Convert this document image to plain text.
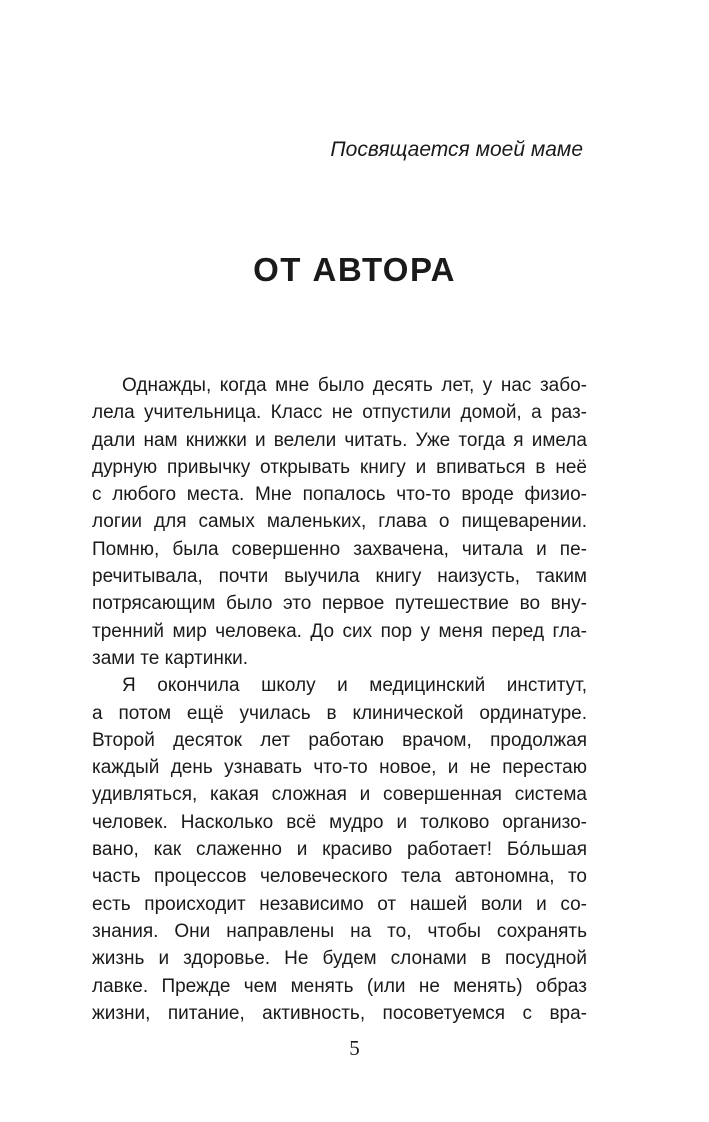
Посвящается моей маме
ОТ АВТОРА
Однажды, когда мне было десять лет, у нас забо-
лела учительница. Класс не отпустили домой, а раз-
дали нам книжки и велели читать. Уже тогда я имела
дурную привычку открывать книгу и впиваться в неё
с любого места. Мне попалось что-то вроде физио-
логии для самых маленьких, глава о пищеварении.
Помню, была совершенно захвачена, читала и пе-
речитывала, почти выучила книгу наизусть, таким
потрясающим было это первое путешествие во вну-
тренний мир человека. До сих пор у меня перед гла-
зами те картинки.
Я окончила школу и медицинский институт,
а потом ещё училась в клинической ординатуре.
Второй десяток лет работаю врачом, продолжая
каждый день узнавать что-то новое, и не перестаю
удивляться, какая сложная и совершенная система
человек. Насколько всё мудро и толково организо-
вано, как слаженно и красиво работает! Бóльшая
часть процессов человеческого тела автономна, то
есть происходит независимо от нашей воли и со-
знания. Они направлены на то, чтобы сохранять
жизнь и здоровье. Не будем слонами в посудной
лавке. Прежде чем менять (или не менять) образ
жизни, питание, активность, посоветуемся с вра-
5
